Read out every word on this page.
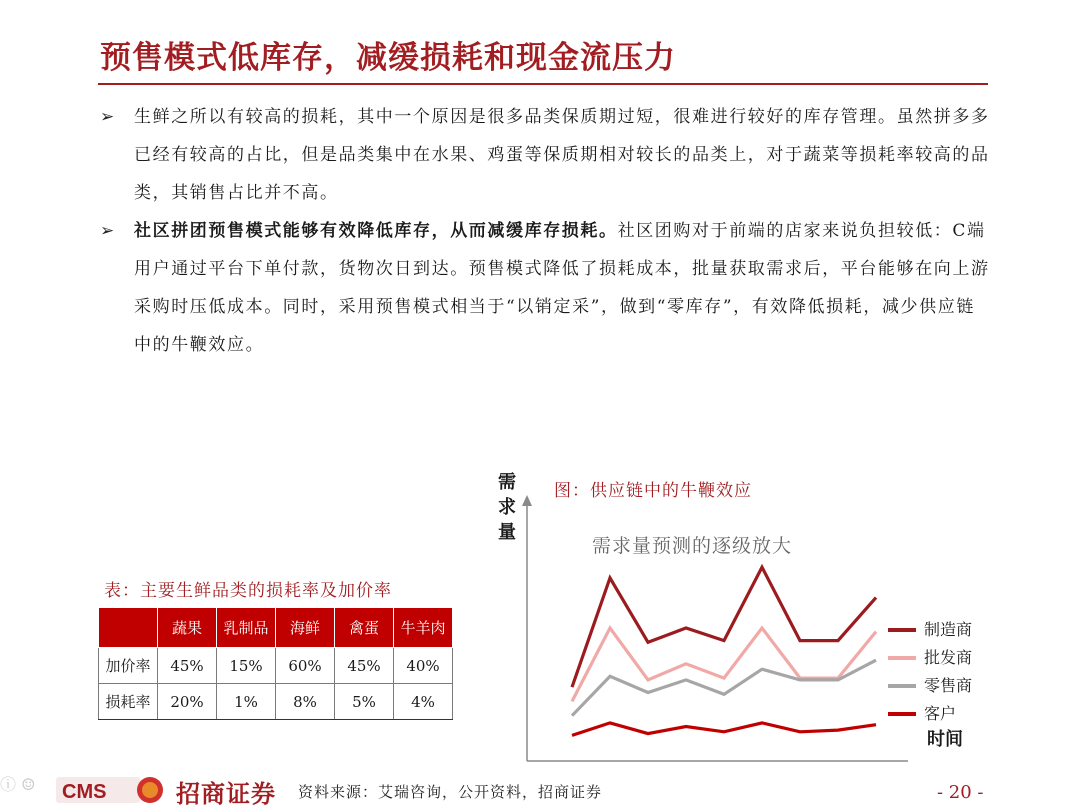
预售模式低库存，减缓损耗和现金流压力
➢ 生鲜之所以有较高的损耗，其中一个原因是很多品类保质期过短，很难进行较好的库存管理。虽然拼多多已经有较高的占比，但是品类集中在水果、鸡蛋等保质期相对较长的品类上，对于蔬菜等损耗率较高的品类，其销售占比并不高。
➢ 社区拼团预售模式能够有效降低库存，从而减缓库存损耗。社区团购对于前端的店家来说负担较低：C端用户通过平台下单付款，货物次日到达。预售模式降低了损耗成本，批量获取需求后，平台能够在向上游采购时压低成本。同时，采用预售模式相当于“以销定采”，做到“零库存”，有效降低损耗，减少供应链中的牛鞭效应。
表：主要生鲜品类的损耗率及加价率
	蔬果	乳制品	海鲜	禽蛋	牛羊肉
加价率	45%	15%	60%	45%	40%
损耗率	20%	1%	8%	5%	4%
需
求
量
图：供应链中的牛鞭效应
需求量预测的逐级放大
时间
制造商
批发商
零售商
客户
ⓘ ☺ CMS	招商证券 资料来源：艾瑞咨询，公开资料，招商证券	- 20 -
